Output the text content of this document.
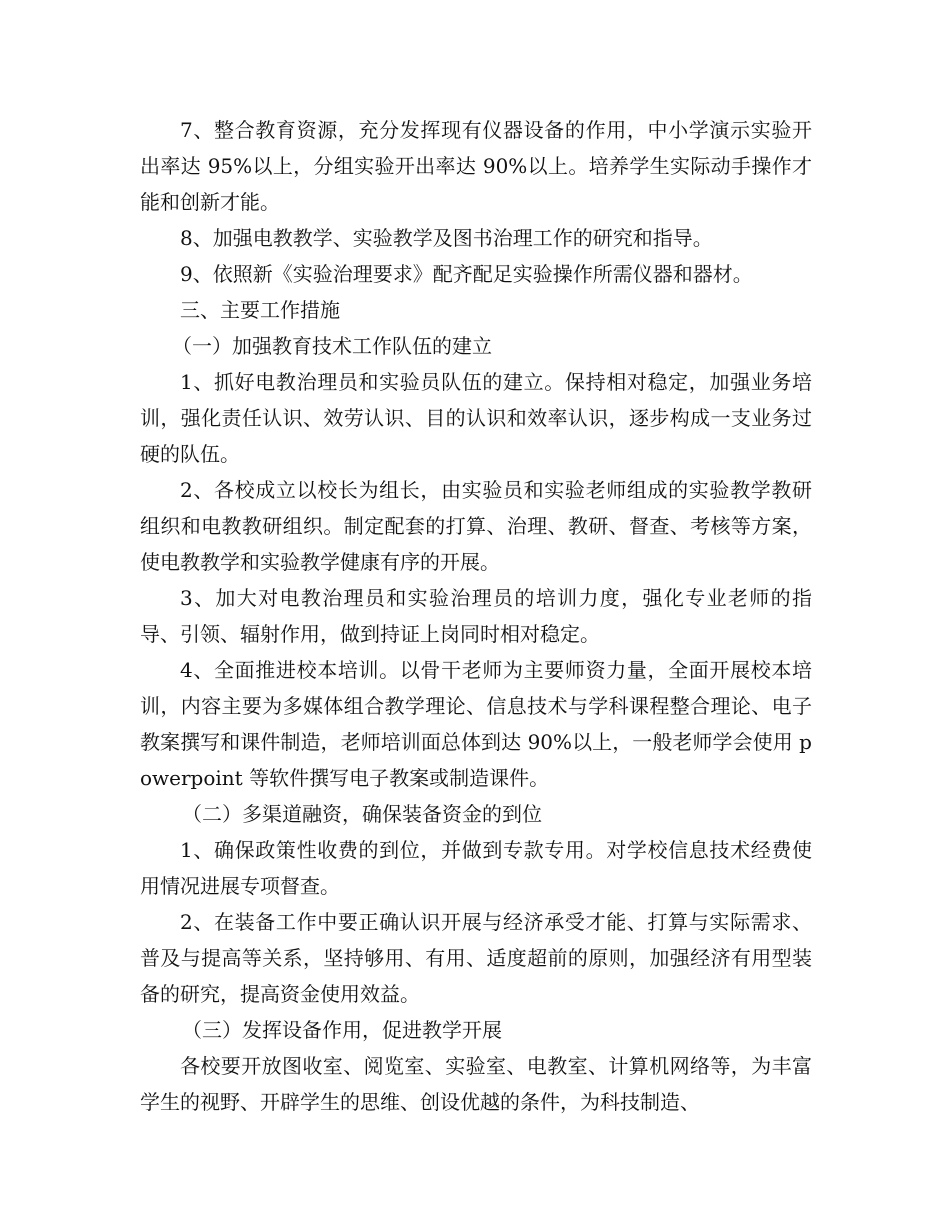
7、整合教育资源，充分发挥现有仪器设备的作用，中小学演示实验开出率达 95%以上，分组实验开出率达 90%以上。培养学生实际动手操作才能和创新才能。

8、加强电教教学、实验教学及图书治理工作的研究和指导。

9、依照新《实验治理要求》配齐配足实验操作所需仪器和器材。

三、主要工作措施

（一）加强教育技术工作队伍的建立

1、抓好电教治理员和实验员队伍的建立。保持相对稳定，加强业务培训，强化责任认识、效劳认识、目的认识和效率认识，逐步构成一支业务过硬的队伍。

2、各校成立以校长为组长，由实验员和实验老师组成的实验教学教研组织和电教教研组织。制定配套的打算、治理、教研、督查、考核等方案，使电教教学和实验教学健康有序的开展。

3、加大对电教治理员和实验治理员的培训力度，强化专业老师的指导、引领、辐射作用，做到持证上岗同时相对稳定。

4、全面推进校本培训。以骨干老师为主要师资力量，全面开展校本培训，内容主要为多媒体组合教学理论、信息技术与学科课程整合理论、电子教案撰写和课件制造，老师培训面总体到达 90%以上，一般老师学会使用 powerpoint 等软件撰写电子教案或制造课件。

（二）多渠道融资，确保装备资金的到位

1、确保政策性收费的到位，并做到专款专用。对学校信息技术经费使用情况进展专项督查。

2、在装备工作中要正确认识开展与经济承受才能、打算与实际需求、普及与提高等关系，坚持够用、有用、适度超前的原则，加强经济有用型装备的研究，提高资金使用效益。

（三）发挥设备作用，促进教学开展

各校要开放图收室、阅览室、实验室、电教室、计算机网络等，为丰富学生的视野、开辟学生的思维、创设优越的条件，为科技制造、
